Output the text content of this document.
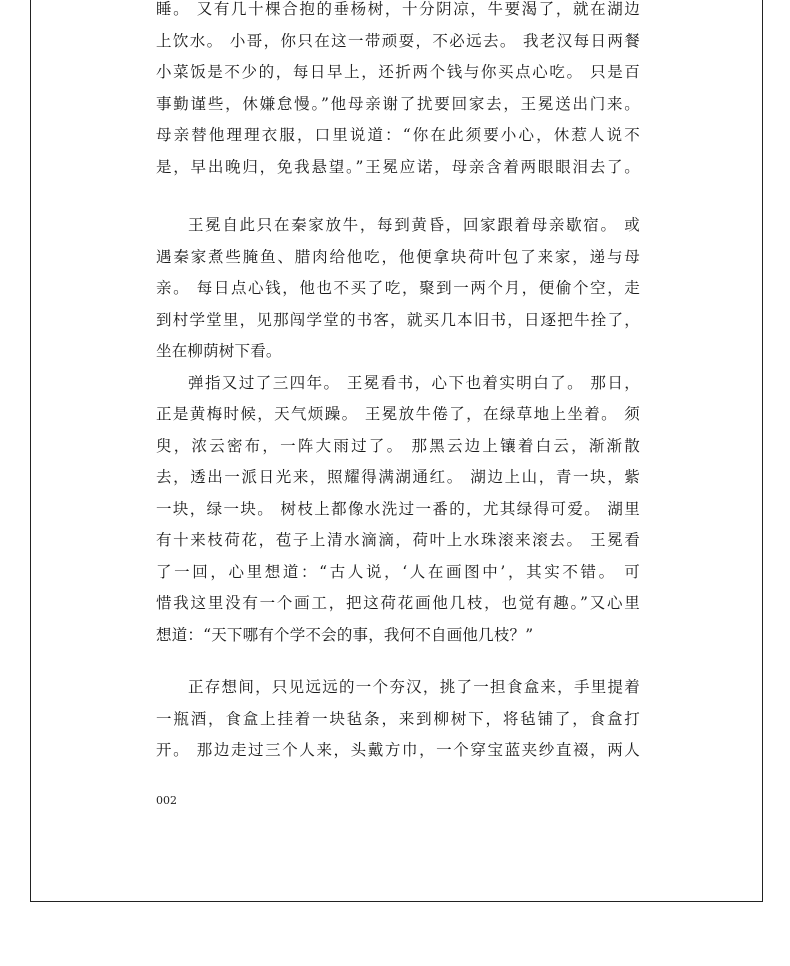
睡。 又有几十棵合抱的垂杨树，十分阴凉，牛要渴了，就在湖边
上饮水。 小哥，你只在这一带顽耍，不必远去。 我老汉每日两餐
小菜饭是不少的，每日早上，还折两个钱与你买点心吃。 只是百
事勤谨些，休嫌怠慢。”他母亲谢了扰要回家去，王冕送出门来。
母亲替他理理衣服，口里说道：“你在此须要小心，休惹人说不
是，早出晚归，免我悬望。”王冕应诺，母亲含着两眼眼泪去了。
王冕自此只在秦家放牛，每到黄昏，回家跟着母亲歇宿。 或
遇秦家煮些腌鱼、腊肉给他吃，他便拿块荷叶包了来家，递与母
亲。 每日点心钱，他也不买了吃，聚到一两个月，便偷个空，走
到村学堂里，见那闯学堂的书客，就买几本旧书，日逐把牛拴了，
坐在柳荫树下看。
弹指又过了三四年。 王冕看书，心下也着实明白了。 那日，
正是黄梅时候，天气烦躁。 王冕放牛倦了，在绿草地上坐着。 须
臾，浓云密布，一阵大雨过了。 那黑云边上镶着白云，渐渐散
去，透出一派日光来，照耀得满湖通红。 湖边上山，青一块，紫
一块，绿一块。 树枝上都像水洗过一番的，尤其绿得可爱。 湖里
有十来枝荷花，苞子上清水滴滴，荷叶上水珠滚来滚去。 王冕看
了一回，心里想道：“古人说，‘人在画图中’，其实不错。 可
惜我这里没有一个画工，把这荷花画他几枝，也觉有趣。”又心里
想道：“天下哪有个学不会的事，我何不自画他几枝？”
正存想间，只见远远的一个夯汉，挑了一担食盒来，手里提着
一瓶酒，食盒上挂着一块毡条，来到柳树下，将毡铺了，食盒打
开。 那边走过三个人来，头戴方巾，一个穿宝蓝夹纱直裰，两人
002
